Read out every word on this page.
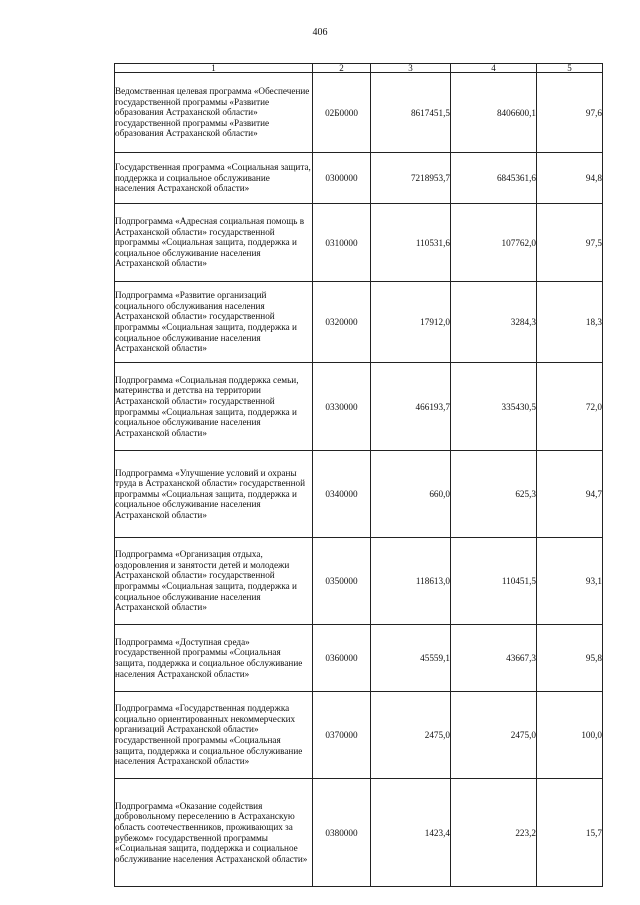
406
1	2	3	4	5
Ведомственная целевая программа «Обеспечение государственной программы «Развитие образования Астраханской области» государственной программы «Развитие образования Астраханской области»	02Б0000	8617451,5	8406600,1	97,6
Государственная программа «Социальная защита, поддержка и социальное обслуживание населения Астраханской области»	0300000	7218953,7	6845361,6	94,8
Подпрограмма «Адресная социальная помощь в Астраханской области» государственной программы «Социальная защита, поддержка и социальное обслуживание населения Астраханской области»	0310000	110531,6	107762,0	97,5
Подпрограмма «Развитие организаций социального обслуживания населения Астраханской области» государственной программы «Социальная защита, поддержка и социальное обслуживание населения Астраханской области»	0320000	17912,0	3284,3	18,3
Подпрограмма «Социальная поддержка семьи, материнства и детства на территории Астраханской области» государственной программы «Социальная защита, поддержка и социальное обслуживание населения Астраханской области»	0330000	466193,7	335430,5	72,0
Подпрограмма «Улучшение условий и охраны труда в Астраханской области» государственной программы «Социальная защита, поддержка и социальное обслуживание населения Астраханской области»	0340000	660,0	625,3	94,7
Подпрограмма «Организация отдыха, оздоровления и занятости детей и молодежи Астраханской области» государственной программы «Социальная защита, поддержка и социальное обслуживание населения Астраханской области»	0350000	118613,0	110451,5	93,1
Подпрограмма «Доступная среда» государственной программы «Социальная защита, поддержка и социальное обслуживание населения Астраханской области»	0360000	45559,1	43667,3	95,8
Подпрограмма «Государственная поддержка социально ориентированных некоммерческих организаций Астраханской области» государственной программы «Социальная защита, поддержка и социальное обслуживание населения Астраханской области»	0370000	2475,0	2475,0	100,0
Подпрограмма «Оказание содействия добровольному переселению в Астраханскую область соотечественников, проживающих за рубежом» государственной программы «Социальная защита, поддержка и социальное обслуживание населения Астраханской области»	0380000	1423,4	223,2	15,7
